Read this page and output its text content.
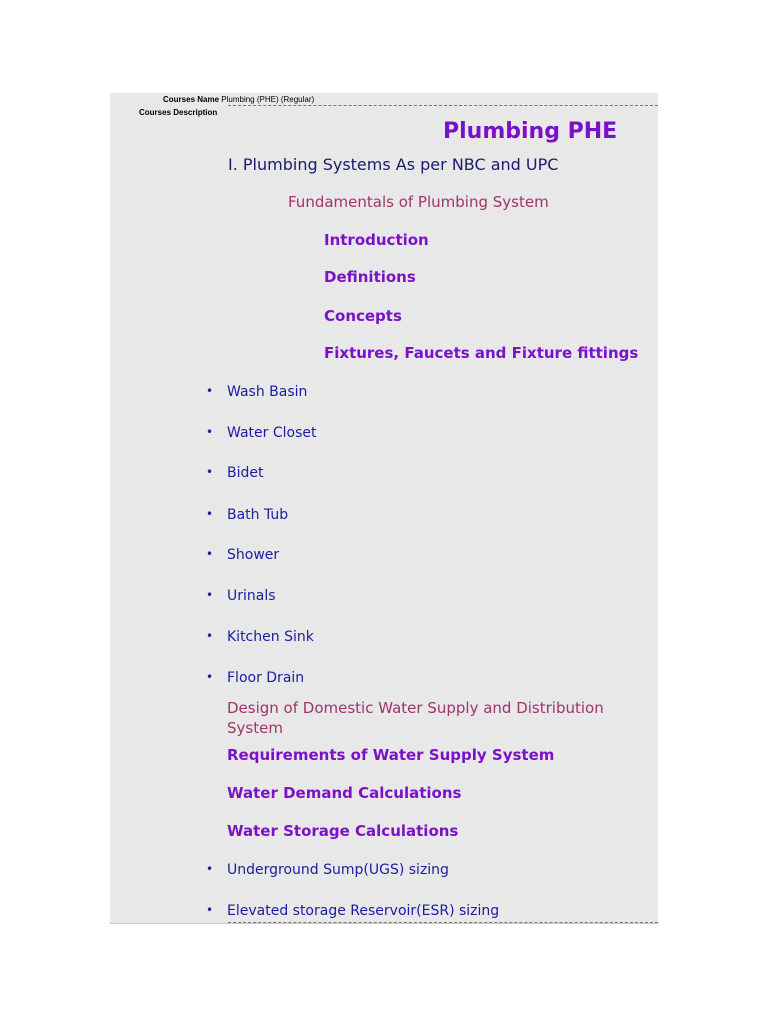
Courses Name Plumbing (PHE) (Regular)
Courses Description
Plumbing PHE
I. Plumbing Systems As per NBC and UPC
Fundamentals of Plumbing System
Introduction
Definitions
Concepts
Fixtures, Faucets and Fixture fittings
• Wash Basin
• Water Closet
• Bidet
• Bath Tub
• Shower
• Urinals
• Kitchen Sink
• Floor Drain
Design of Domestic Water Supply and Distribution System
Requirements of Water Supply System
Water Demand Calculations
Water Storage Calculations
• Underground Sump(UGS) sizing
• Elevated storage Reservoir(ESR) sizing
